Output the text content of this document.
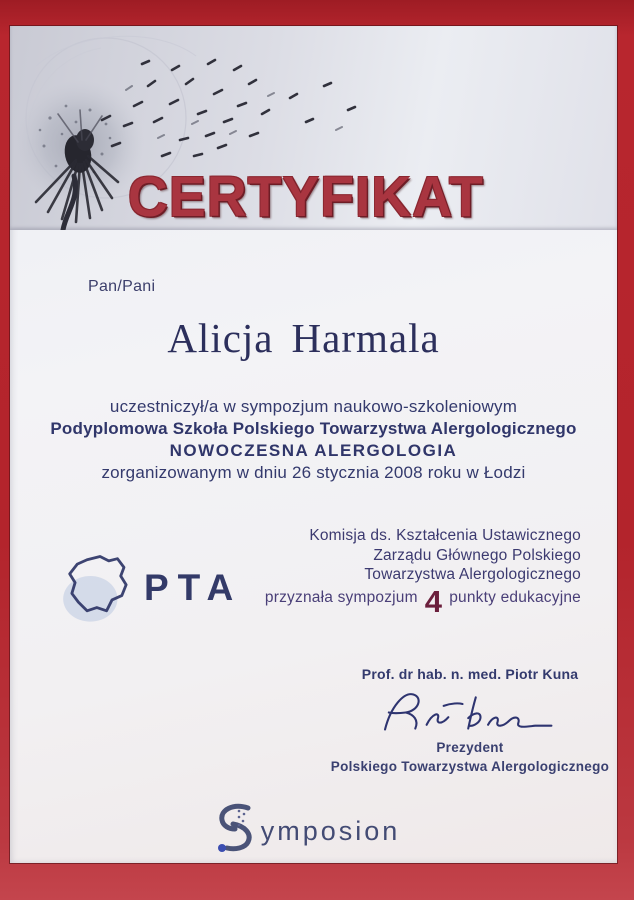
CERTYFIKAT
Pan/Pani
Alicja Harmala
uczestniczył/a w sympozjum naukowo-szkoleniowym
Podyplomowa Szkoła Polskiego Towarzystwa Alergologicznego
NOWOCZESNA ALERGOLOGIA
zorganizowanym w dniu 26 stycznia 2008 roku w Łodzi
PTA
Komisja ds. Kształcenia Ustawicznego
Zarządu Głównego Polskiego
Towarzystwa Alergologicznego
przyznała sympozjum 4 punkty edukacyjne
Prof. dr hab. n. med. Piotr Kuna
Prezydent
Polskiego Towarzystwa Alergologicznego
ymposion
